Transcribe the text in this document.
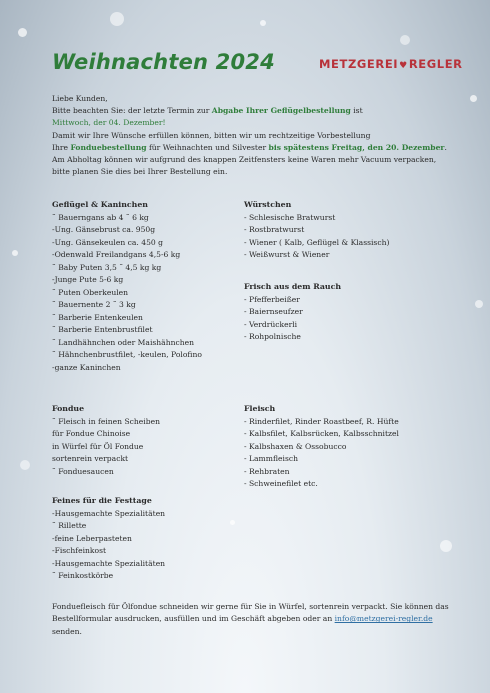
Weihnachten 2024	METZGEREI♥REGLER
Liebe Kunden,
Bitte beachten Sie: der letzte Termin zur Abgabe Ihrer Geflügelbestellung ist
Mittwoch, der 04. Dezember!
Damit wir Ihre Wünsche erfüllen können, bitten wir um rechtzeitige Vorbestellung
Ihre Fonduebestellung für Weihnachten und Silvester bis spätestens Freitag, den 20. Dezember.
Am Abholtag können wir aufgrund des knappen Zeitfensters keine Waren mehr Vacuum verpacken,
bitte planen Sie dies bei Ihrer Bestellung ein.
Geflügel & Kaninchen
˜ Bauerngans ab 4 ˜ 6 kg
-Ung. Gänsebrust ca. 950g
-Ung. Gänsekeulen ca. 450 g
-Odenwald Freilandgans 4,5-6 kg
˜ Baby Puten 3,5 ˜ 4,5 kg kg
-Junge Pute 5-6 kg
˜ Puten Oberkeulen
˜ Bauernente 2 ˜ 3 kg
˜ Barberie Entenkeulen
˜ Barberie Entenbrustfilet
˜ Landhähnchen oder Maishähnchen
˜ Hähnchenbrustfilet, -keulen, Polofino
-ganze Kaninchen
Würstchen
- Schlesische Bratwurst
- Rostbratwurst
- Wiener ( Kalb, Geflügel & Klassisch)
- Weißwurst & Wiener
Frisch aus dem Rauch
- Pfefferbeißer
- Baiernseufzer
- Verdrückerli
- Rohpolnische
Fondue
˜ Fleisch in feinen Scheiben
für Fondue Chinoise
in Würfel für Öl Fondue
sortenrein verpackt
˜ Fonduesaucen
Fleisch
- Rinderfilet, Rinder Roastbeef, R. Hüfte
- Kalbsfilet, Kalbsrücken, Kalbsschnitzel
- Kalbshaxen & Ossobucco
- Lammfleisch
- Rehbraten
- Schweinefilet etc.
Feines für die Festtage
-Hausgemachte Spezialitäten
˜ Rillette
-feine Leberpasteten
-Fischfeinkost
-Hausgemachte Spezialitäten
˜ Feinkostkörbe
Fonduefleisch für Ölfondue schneiden wir gerne für Sie in Würfel, sortenrein verpackt. Sie können das Bestellformular ausdrucken, ausfüllen und im Geschäft abgeben oder an info@metzgerei-regler.de senden.
